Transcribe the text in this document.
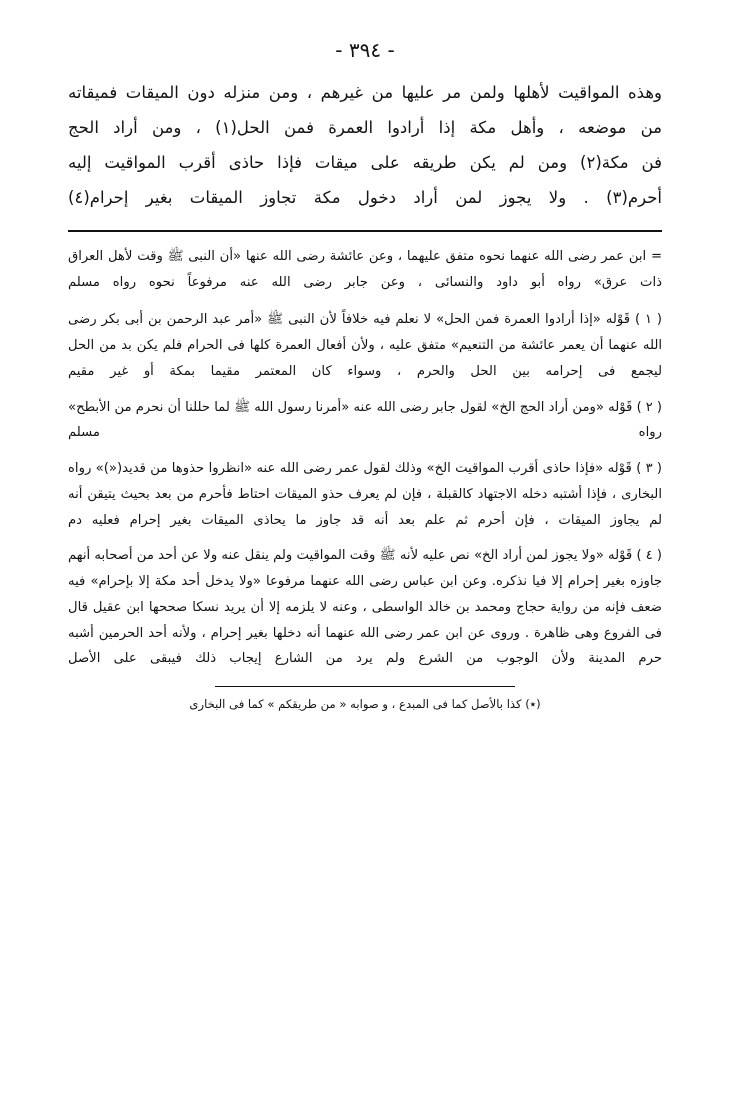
- ٣٩٤ -

وهذه المواقيت لأهلها ولمن مر عليها من غيرهم ، ومن منزله دون الميقات فميقاته

من موضعه ، وأهل مكة إذا أرادوا العمرة فمن الحل(١) ، ومن أراد الحج

فن مكة(٢) ومن لم يكن طريقه على ميقات فإذا حاذى أقرب المواقيت إليه

أحرم(٣) . ولا يجوز لمن أراد دخول مكة تجاوز الميقات بغير إحرام(٤)

= ابن عمر رضى الله عنهما نحوه متفق عليهما ، وعن عائشة رضى الله عنها «أن النبى ﷺ وقت لأهل العراق ذات عرق» رواه أبو داود والنسائى ، وعن جابر رضى الله عنه مرفوعاً نحوه رواه مسلم

( ١ ) قَوْله «إذا أرادوا العمرة فمن الحل» لا نعلم فيه خلافاً لأن النبى ﷺ «أمر عبد الرحمن بن أبى بكر رضى الله عنهما أن يعمر عائشة من التنعيم» متفق عليه ، ولأن أفعال العمرة كلها فى الحرام فلم يكن بد من الحل ليجمع فى إحرامه بين الحل والحرم ، وسواء كان المعتمر مقيما بمكة أو غير مقيم

( ٢ ) قَوْله «ومن أراد الحج الخ» لقول جابر رضى الله عنه «أمرنا رسول الله ﷺ لما حللنا أن نحرم من الأبطح» رواه مسلم

( ٣ ) قَوْله «فإذا حاذى أقرب المواقيت الخ» وذلك لقول عمر رضى الله عنه «انظروا حذوها من قديد(«)» رواه البخارى ، فإذا أشتبه دخله الاجتهاد كالقبلة ، فإن لم يعرف حذو الميقات احتاط فأحرم من بعد بحيث يتيقن أنه لم يجاوز الميقات ، فإن أحرم ثم علم بعد أنه قد جاوز ما يحاذى الميقات بغير إحرام فعليه دم

( ٤ ) قَوْله «ولا يجوز لمن أراد الخ» نص عليه لأنه ﷺ وقت المواقيت ولم ينقل عنه ولا عن أحد من أصحابه أنهم جاوزه بغير إحرام إلا فيا نذكره. وعن ابن عباس رضى الله عنهما مرفوعا «ولا يدخل أحد مكة إلا بإحرام» فيه ضعف فإنه من رواية حجاج ومحمد بن خالد الواسطى ، وعنه لا يلزمه إلا أن يريد نسكا صححها ابن عقيل قال فى الفروع وهى ظاهرة . وروى عن ابن عمر رضى الله عنهما أنه دخلها بغير إحرام ، ولأنه أحد الحرمين أشبه حرم المدينة ولأن الوجوب من الشرع ولم يرد من الشارع إيجاب ذلك فيبقى على الأصل

(٭) كذا بالأصل كما فى المبدع ، و صوابه « من طريقكم » كما فى البخارى
